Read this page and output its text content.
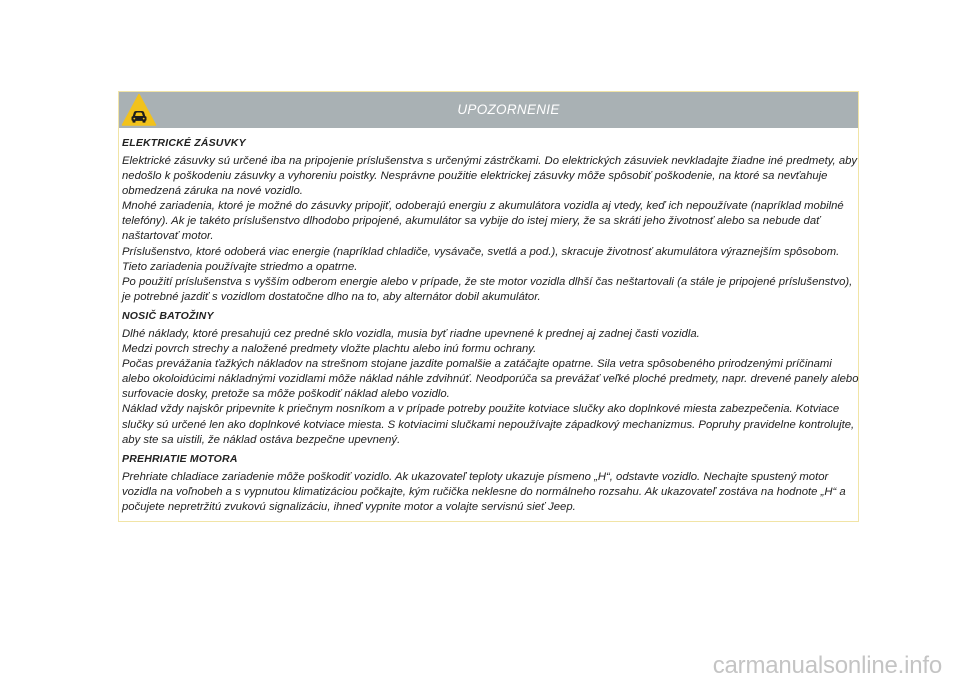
UPOZORNENIE
ELEKTRICKÉ ZÁSUVKY

Elektrické zásuvky sú určené iba na pripojenie príslušenstva s určenými zástrčkami. Do elektrických zásuviek nevkladajte žiadne iné predmety, aby nedošlo k poškodeniu zásuvky a vyhoreniu poistky. Nesprávne použitie elektrickej zásuvky môže spôsobiť poškodenie, na ktoré sa nevťahuje obmedzená záruka na nové vozidlo.

Mnohé zariadenia, ktoré je možné do zásuvky pripojiť, odoberajú energiu z akumulátora vozidla aj vtedy, keď ich nepoužívate (napríklad mobilné telefóny). Ak je takéto príslušenstvo dlhodobo pripojené, akumulátor sa vybije do istej miery, že sa skráti jeho životnosť alebo sa nebude dať naštartovať motor.

Príslušenstvo, ktoré odoberá viac energie (napríklad chladiče, vysávače, svetlá a pod.), skracuje životnosť akumulátora výraznejším spôsobom. Tieto zariadenia používajte striedmo a opatrne.

Po použití príslušenstva s vyšším odberom energie alebo v prípade, že ste motor vozidla dlhší čas neštartovali (a stále je pripojené príslušenstvo), je potrebné jazdiť s vozidlom dostatočne dlho na to, aby alternátor dobil akumulátor.

NOSIČ BATOŽINY

Dlhé náklady, ktoré presahujú cez predné sklo vozidla, musia byť riadne upevnené k prednej aj zadnej časti vozidla.

Medzi povrch strechy a naložené predmety vložte plachtu alebo inú formu ochrany.

Počas prevážania ťažkých nákladov na strešnom stojane jazdite pomalšie a zatáčajte opatrne. Sila vetra spôsobeného prirodzenými príčinami alebo okoloidúcimi nákladnými vozidlami môže náklad náhle zdvihnúť. Neodporúča sa prevážať veľké ploché predmety, napr. drevené panely alebo surfovacie dosky, pretože sa môže poškodiť náklad alebo vozidlo.

Náklad vždy najskôr pripevnite k priečnym nosníkom a v prípade potreby použite kotviace slučky ako doplnkové miesta zabezpečenia. Kotviace slučky sú určené len ako doplnkové kotviace miesta. S kotviacimi slučkami nepoužívajte západkový mechanizmus. Popruhy pravidelne kontrolujte, aby ste sa uistili, že náklad ostáva bezpečne upevnený.

PREHRIATIE MOTORA

Prehriate chladiace zariadenie môže poškodiť vozidlo. Ak ukazovateľ teploty ukazuje písmeno „H“, odstavte vozidlo. Nechajte spustený motor vozidla na voľnobeh a s vypnutou klimatizáciou počkajte, kým ručička neklesne do normálneho rozsahu. Ak ukazovateľ zostáva na hodnote „H“ a počujete nepretržitú zvukovú signalizáciu, ihneď vypnite motor a volajte servisnú sieť Jeep.

carmanualsonline.info
